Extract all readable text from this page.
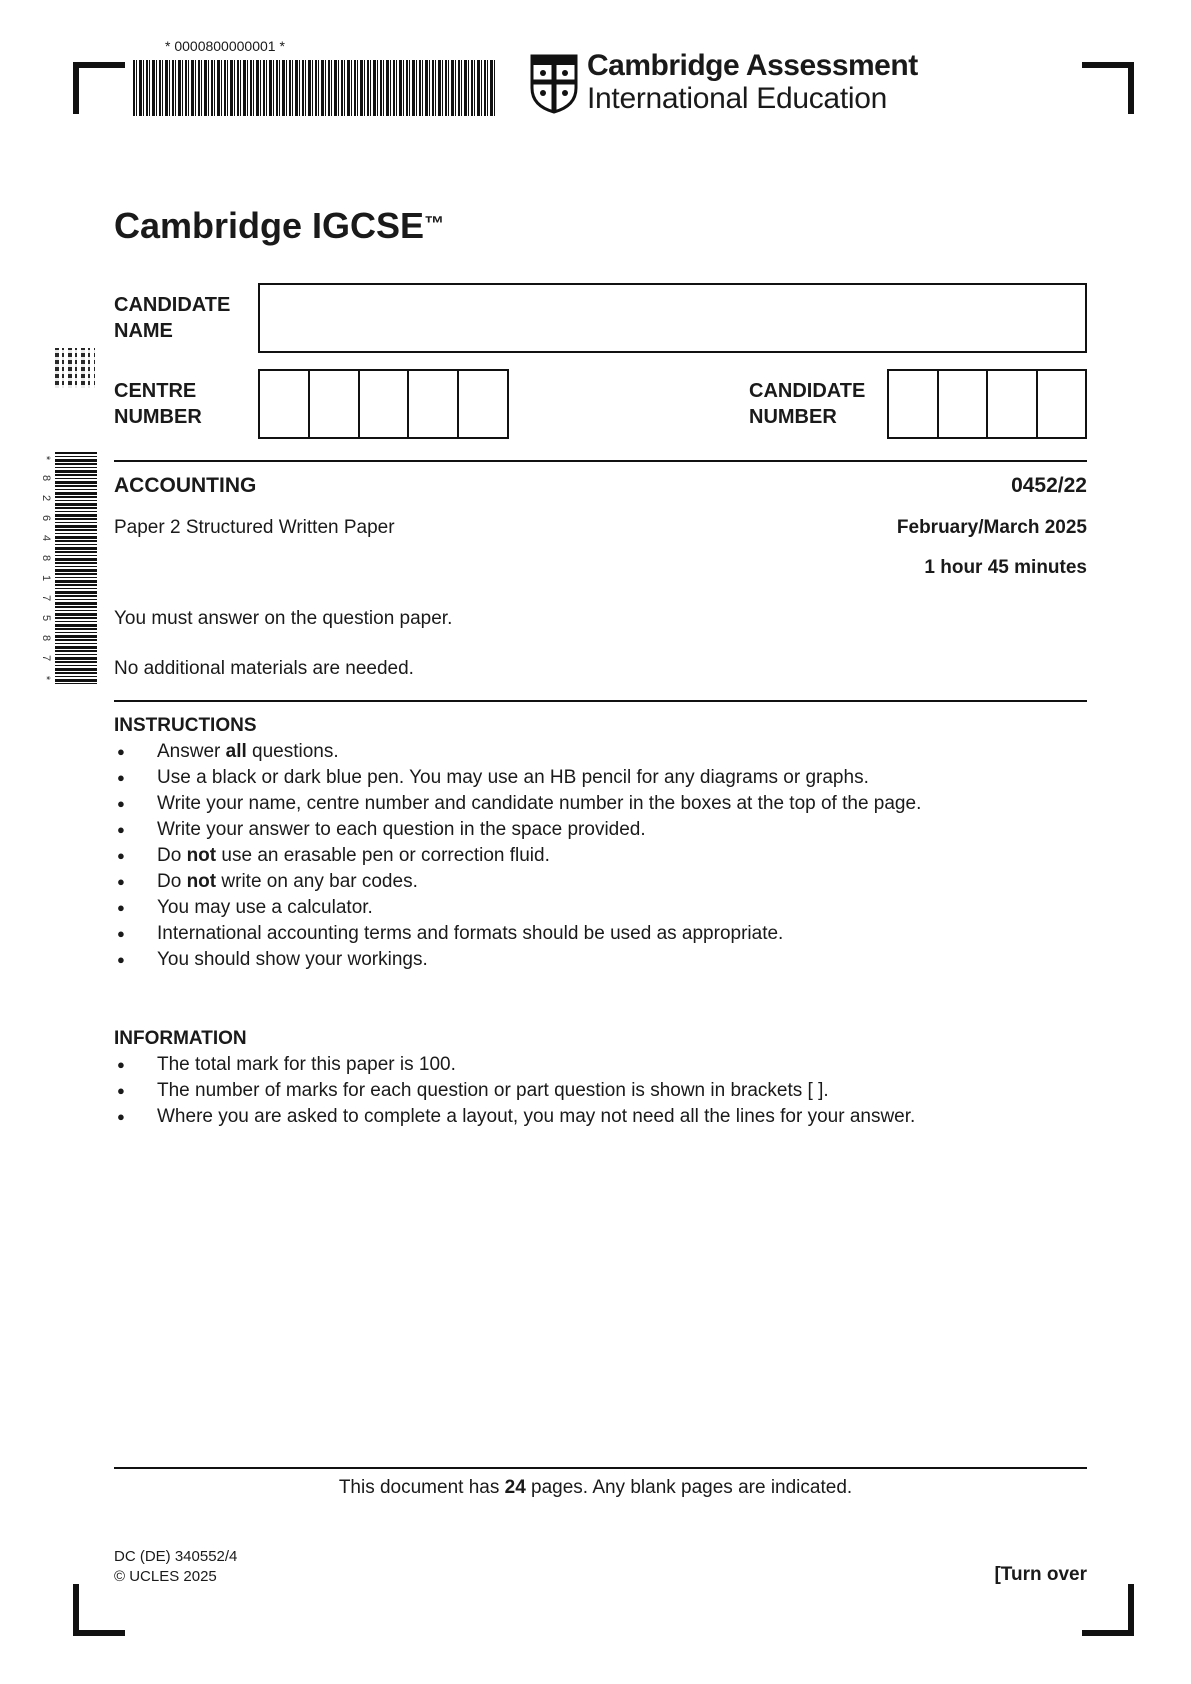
* 0000800000001 *
Cambridge Assessment
International Education
Cambridge IGCSE™
*
8
2
6
4
8
1
7
5
8
7
*
CANDIDATE
NAME
CENTRE
NUMBER
CANDIDATE
NUMBER
ACCOUNTING	0452/22
Paper 2 Structured Written Paper	February/March 2025
1 hour 45 minutes
You must answer on the question paper.
No additional materials are needed.
INSTRUCTIONS
● Answer all questions.
● Use a black or dark blue pen. You may use an HB pencil for any diagrams or graphs.
● Write your name, centre number and candidate number in the boxes at the top of the page.
● Write your answer to each question in the space provided.
● Do not use an erasable pen or correction fluid.
● Do not write on any bar codes.
● You may use a calculator.
● International accounting terms and formats should be used as appropriate.
● You should show your workings.
INFORMATION
● The total mark for this paper is 100.
● The number of marks for each question or part question is shown in brackets [ ].
● Where you are asked to complete a layout, you may not need all the lines for your answer.
This document has 24 pages. Any blank pages are indicated.
DC (DE) 340552/4
© UCLES 2025	[Turn over
